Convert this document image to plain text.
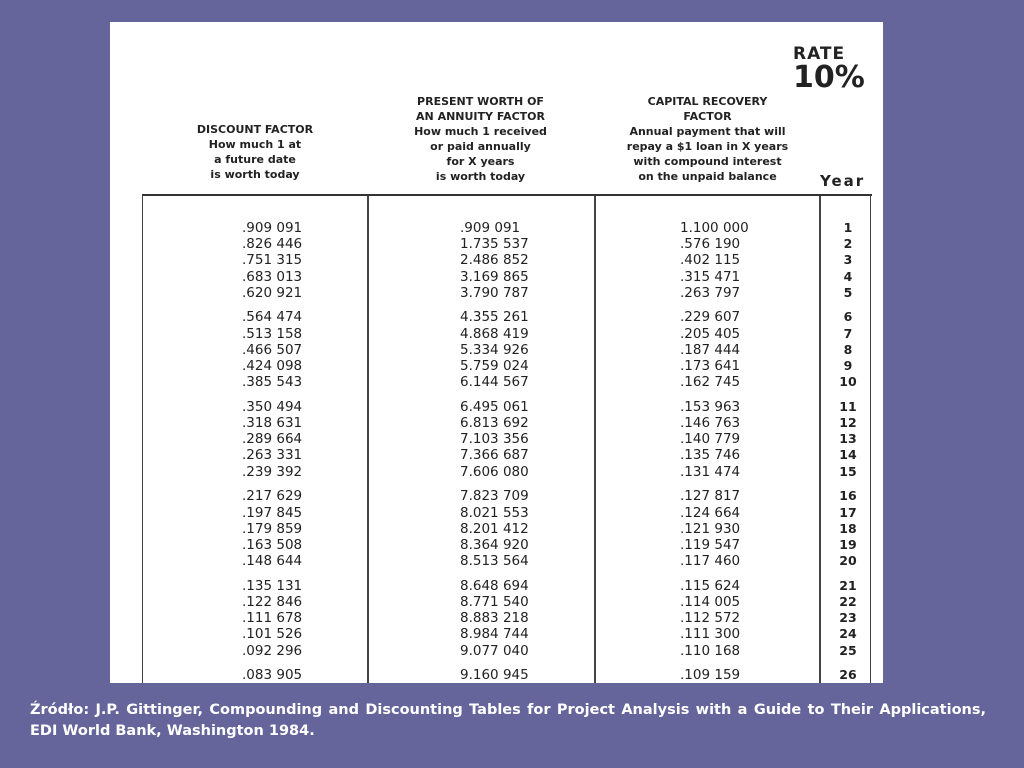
RATE
10%
DISCOUNT FACTOR
How much 1 at
a future date
is worth today
PRESENT WORTH OF
AN ANNUITY FACTOR
How much 1 received
or paid annually
for X years
is worth today
CAPITAL RECOVERY
FACTOR
Annual payment that will
repay a $1 loan in X years
with compound interest
on the unpaid balance	Year
.909 091	.909 091	1.100 000	1
.826 446	1.735 537	.576 190	2
.751 315	2.486 852	.402 115	3
.683 013	3.169 865	.315 471	4
.620 921	3.790 787	.263 797	5
.564 474	4.355 261	.229 607	6
.513 158	4.868 419	.205 405	7
.466 507	5.334 926	.187 444	8
.424 098	5.759 024	.173 641	9
.385 543	6.144 567	.162 745	10
.350 494	6.495 061	.153 963	11
.318 631	6.813 692	.146 763	12
.289 664	7.103 356	.140 779	13
.263 331	7.366 687	.135 746	14
.239 392	7.606 080	.131 474	15
.217 629	7.823 709	.127 817	16
.197 845	8.021 553	.124 664	17
.179 859	8.201 412	.121 930	18
.163 508	8.364 920	.119 547	19
.148 644	8.513 564	.117 460	20
.135 131	8.648 694	.115 624	21
.122 846	8.771 540	.114 005	22
.111 678	8.883 218	.112 572	23
.101 526	8.984 744	.111 300	24
.092 296	9.077 040	.110 168	25
.083 905	9.160 945	.109 159	26
Źródło: J.P. Gittinger, Compounding and Discounting Tables for Project Analysis with a Guide to Their Applications, EDI World Bank, Washington 1984.
